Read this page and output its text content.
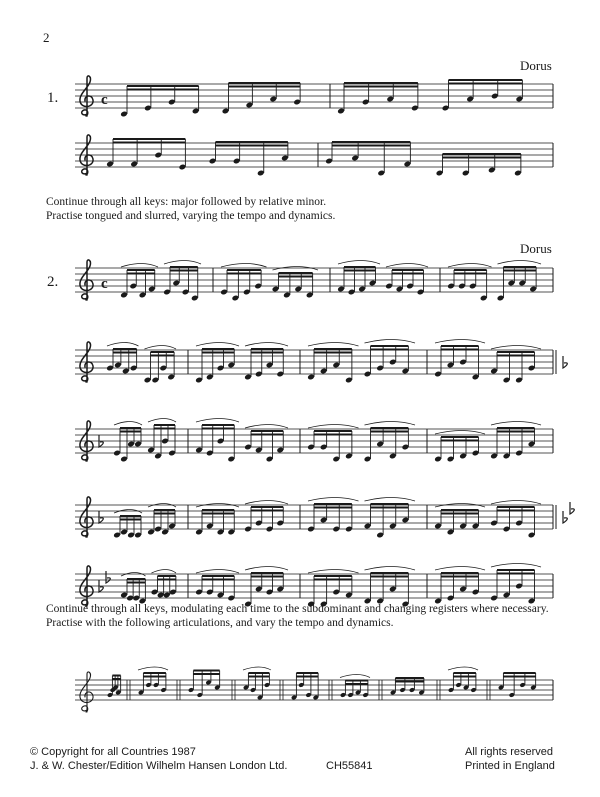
c
c
2
Dorus
1.
Continue through all keys: major followed by relative minor.
Practise tongued and slurred, varying the tempo and dynamics.
Dorus
2.
Continue through all keys, modulating each time to the subdominant and changing registers where necessary.
Practise with the following articulations, and vary the tempo and dynamics.
© Copyright for all Countries 1987
J. & W. Chester/Edition Wilhelm Hansen London Ltd.	CH55841
All rights reserved
Printed in England
